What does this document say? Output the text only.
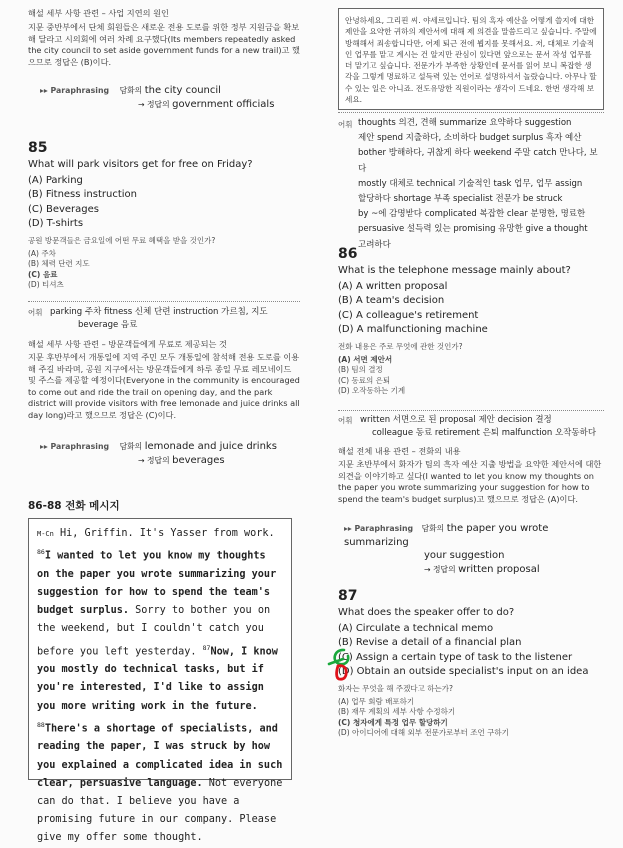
해설 세부 사항 관련 – 사업 지연의 원인
지문 중반부에서 단체 회원들은 새로운 전용 도로를 위한 정부 지원금을 확보해 달라고 시의회에 여러 차례 요구했다(Its members repeatedly asked the city council to set aside government funds for a new trail)고 했으므로 정답은 (B)이다.
▸▸ Paraphrasing 담화의 the city council
→ 정답의 government officials
85
What will park visitors get for free on Friday?
(A) Parking
(B) Fitness instruction
(C) Beverages
(D) T-shirts
공원 방문객들은 금요일에 어떤 무료 혜택을 받을 것인가?
(A) 주차
(B) 체력 단련 지도
(C) 음료
(D) 티셔츠
어휘 parking 주차 fitness 신체 단련 instruction 가르침, 지도
beverage 음료
해설 세부 사항 관련 – 방문객들에게 무료로 제공되는 것
지문 후반부에서 개통일에 지역 주민 모두 개통일에 참석해 전용 도로를 이용해 주길 바라며, 공원 지구에서는 방문객들에게 하루 종일 무료 레모네이드 및 주스를 제공할 예정이다(Everyone in the community is encouraged to come out and ride the trail on opening day, and the park district will provide visitors with free lemonade and juice drinks all day long)라고 했으므로 정답은 (C)이다.
▸▸ Paraphrasing 담화의 lemonade and juice drinks
→ 정답의 beverages
86-88 전화 메시지
M-Cn Hi, Griffin. It's Yasser from work. $^{86}$I wanted to let you know my thoughts on the paper you wrote summarizing your suggestion for how to spend the team's budget surplus. Sorry to bother you on the weekend, but I couldn't catch you before you left yesterday. $^{87}$Now, I know you mostly do technical tasks, but if you're interested, I'd like to assign you more writing work in the future. $^{88}$There's a shortage of specialists, and reading the paper, I was struck by how you explained a complicated idea in such clear, persuasive language. Not everyone can do that. I believe you have a promising future in our company. Please give my offer some thought.
안녕하세요, 그리핀 씨. 야세르입니다. 팀의 흑자 예산을 어떻게 쓸지에 대한 제안을 요약한 귀하의 제안서에 대해 제 의견을 말씀드리고 싶습니다. 주말에 방해해서 죄송합니다만, 어제 퇴근 전에 뵙지를 못해서요. 저, 대체로 기술적인 업무를 맡고 계시는 건 알지만 관심이 있다면 앞으로는 문서 작성 업무를 더 맡기고 싶습니다. 전문가가 부족한 상황인데 문서를 읽어 보니 복잡한 생각을 그렇게 명료하고 설득력 있는 언어로 설명하셔서 놀랐습니다. 아무나 할 수 있는 일은 아니죠. 전도유망한 직원이라는 생각이 드네요. 한번 생각해 보세요.
어휘 thoughts 의견, 견해 summarize 요약하다 suggestion
제안 spend 지출하다, 소비하다 budget surplus 흑자 예산
bother 방해하다, 귀찮게 하다 weekend 주말 catch 만나다, 보다
mostly 대체로 technical 기술적인 task 업무, 업무 assign
할당하다 shortage 부족 specialist 전문가 be struck
by ~에 감명받다 complicated 복잡한 clear 분명한, 명료한
persuasive 설득력 있는 promising 유망한 give a thought
고려하다
86
What is the telephone message mainly about?
(A) A written proposal
(B) A team's decision
(C) A colleague's retirement
(D) A malfunctioning machine
전화 내용은 주로 무엇에 관한 것인가?
(A) 서면 제안서
(B) 팀의 결정
(C) 동료의 은퇴
(D) 오작동하는 기계
어휘 written 서면으로 된 proposal 제안 decision 결정
colleague 동료 retirement 은퇴 malfunction 오작동하다
해설 전체 내용 관련 – 전화의 내용
지문 초반부에서 화자가 팀의 흑자 예산 지출 방법을 요약한 제안서에 대한 의견을 이야기하고 싶다(I wanted to let you know my thoughts on the paper you wrote summarizing your suggestion for how to spend the team's budget surplus)고 했으므로 정답은 (A)이다.
▸▸ Paraphrasing 담화의 the paper you wrote summarizing
your suggestion
→ 정답의 written proposal
87
What does the speaker offer to do?
(A) Circulate a technical memo
(B) Revise a detail of a financial plan
(C) Assign a certain type of task to the listener
(D) Obtain an outside specialist's input on an idea
화자는 무엇을 해 주겠다고 하는가?
(A) 업무 회람 배포하기
(B) 재무 계획의 세부 사항 수정하기
(C) 청자에게 특정 업무 할당하기
(D) 아이디어에 대해 외부 전문가로부터 조언 구하기
